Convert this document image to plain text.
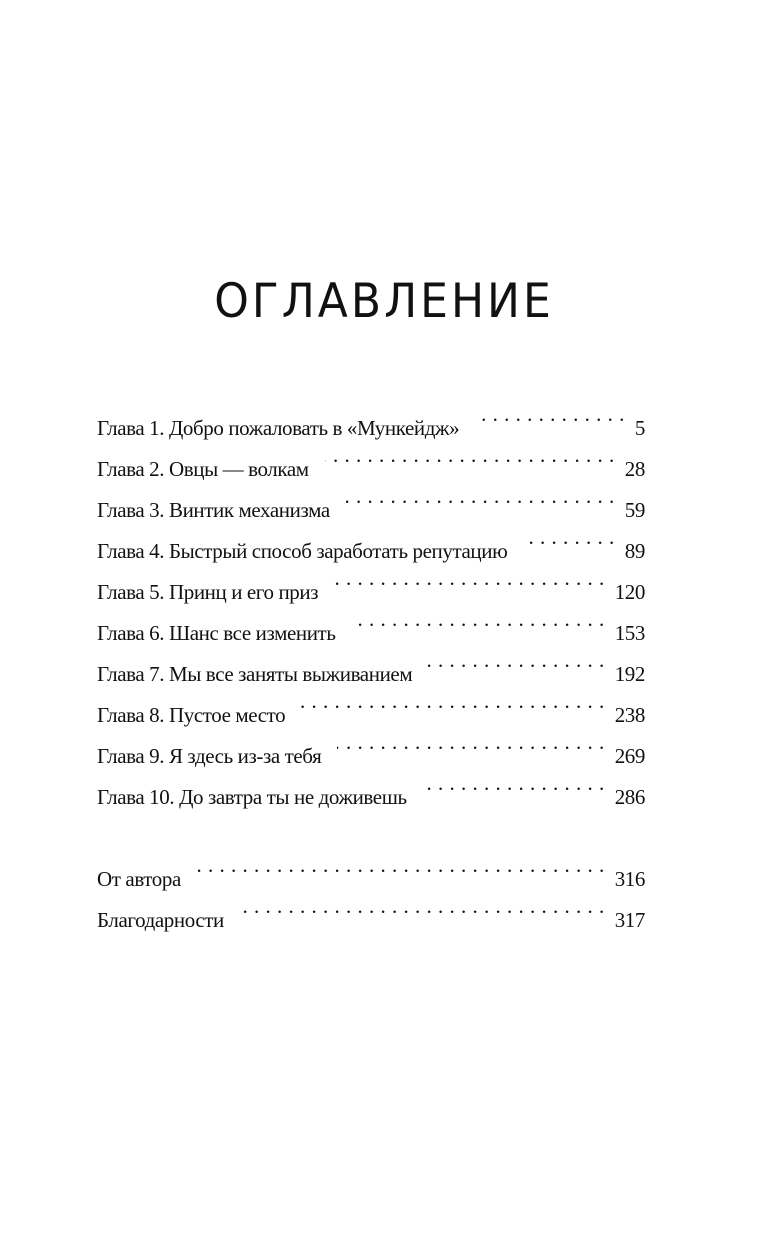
ОГЛАВЛЕНИЕ
Глава 1. Добро пожаловать в «Мункейдж» . . .	5
Глава 2. Овцы — волкам . . .	28
Глава 3. Винтик механизма . . .	59
Глава 4. Быстрый способ заработать репутацию . . .	89
Глава 5. Принц и его приз . . .	120
Глава 6. Шанс все изменить . . .	153
Глава 7. Мы все заняты выживанием . . .	192
Глава 8. Пустое место . . .	238
Глава 9. Я здесь из-за тебя . . .	269
Глава 10. До завтра ты не доживешь . . .	286
От автора . . .	316
Благодарности . . .	317
